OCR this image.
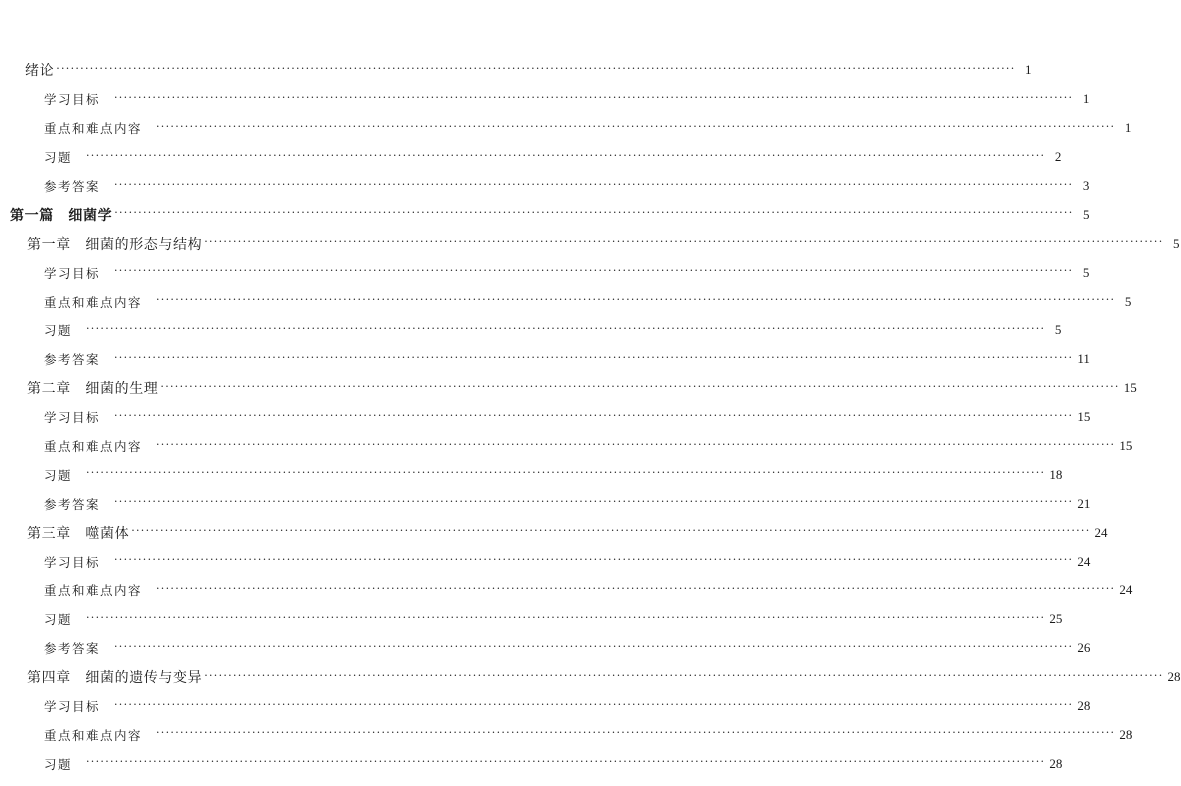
绪论 ········································································································································································································ 1
学习目标 ········································································································································································································ 1
重点和难点内容 ········································································································································································································ 1
习题 ········································································································································································································ 2
参考答案 ········································································································································································································ 3
第一篇　细菌学 ········································································································································································································ 5
第一章　细菌的形态与结构 ········································································································································································································ 5
学习目标 ········································································································································································································ 5
重点和难点内容 ········································································································································································································ 5
习题 ········································································································································································································ 5
参考答案 ········································································································································································································ 11
第二章　细菌的生理 ········································································································································································································ 15
学习目标 ········································································································································································································ 15
重点和难点内容 ········································································································································································································ 15
习题 ········································································································································································································ 18
参考答案 ········································································································································································································ 21
第三章　噬菌体 ········································································································································································································ 24
学习目标 ········································································································································································································ 24
重点和难点内容 ········································································································································································································ 24
习题 ········································································································································································································ 25
参考答案 ········································································································································································································ 26
第四章　细菌的遗传与变异 ········································································································································································································ 28
学习目标 ········································································································································································································ 28
重点和难点内容 ········································································································································································································ 28
习题 ········································································································································································································ 28
